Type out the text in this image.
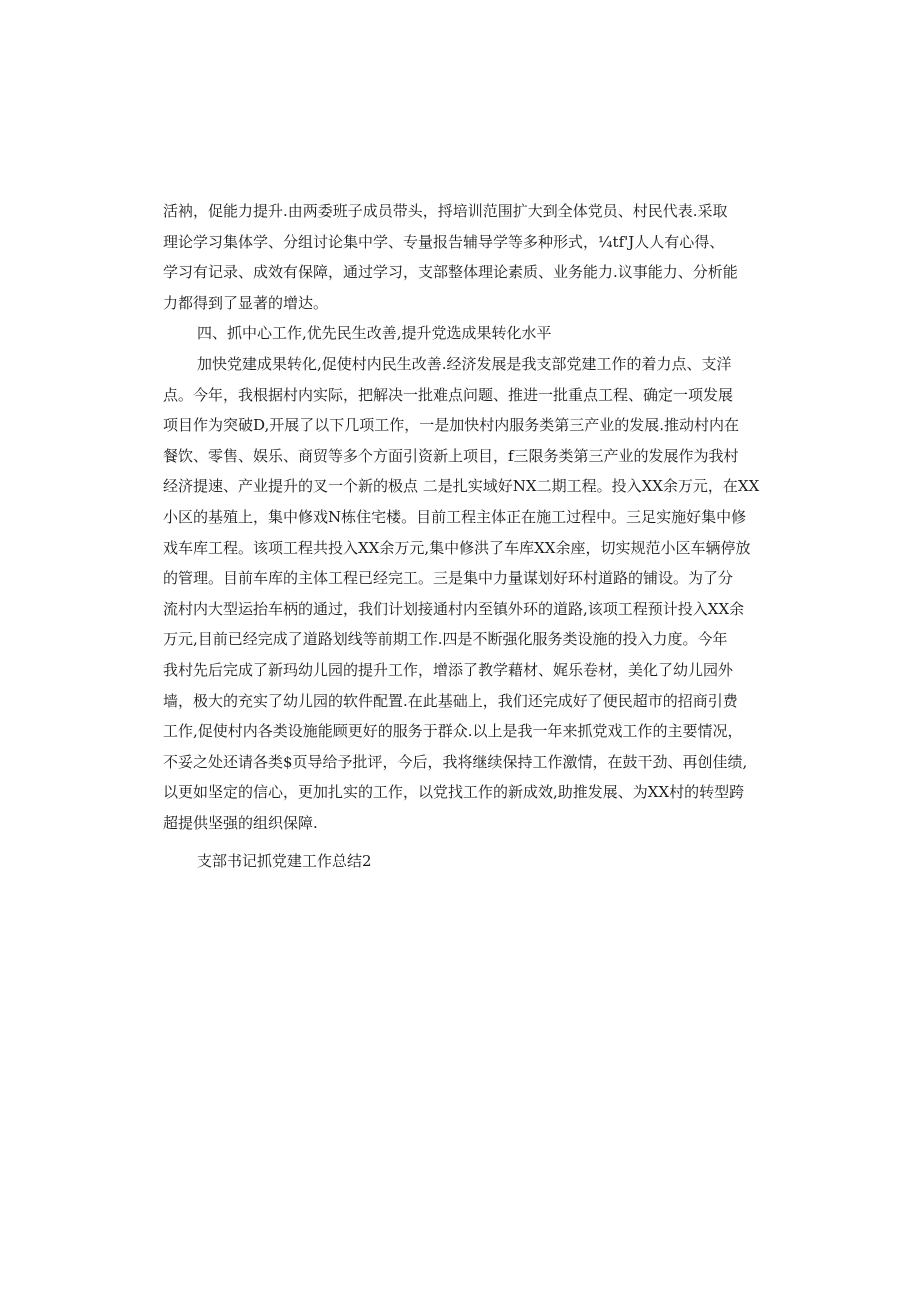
活衲，促能力提升.由两委班子成员带头，捋培训范围扩大到全体党员、村民代表.采取
理论学习集体学、分组讨论集中学、专量报告辅导学等多种形式，¼tf'J人人有心得、
学习有记录、成效有保障，通过学习，支部整体理论素质、业务能力.议事能力、分析能
力都得到了显著的增达。
四、抓中心工作,优先民生改善,提升党选成果转化水平
加快党建成果转化,促使村内民生改善.经济发展是我支部党建工作的着力点、支洋
点。今年，我根据村内实际，把解决一批难点问题、推进一批重点工程、确定一项发展
项目作为突破D,开展了以下几项工作，一是加快村内服务类第三产业的发展.推动村内在
餐饮、零售、娱乐、商贸等多个方面引资新上项目，f三限务类第三产业的发展作为我村
经济提速、产业提升的叉一个新的极点 二是扎实域好NX二期工程。投入XX余万元，在XX
小区的基殖上，集中修戏N栋住宅楼。目前工程主体正在施工过程中。三足实施好集中修
戏车库工程。该项工程共投入XX余万元,集中修洪了车库XX余座，切实规范小区车辆停放
的管理。目前车库的主体工程已经完工。三是集中力量谋划好环村道路的铺设。为了分
流村内大型运抬车柄的通过，我们计划接通村内至镇外环的道路,该项工程预计投入XX余
万元,目前已经完成了道路划线等前期工作.四是不断强化服务类设施的投入力度。今年
我村先后完成了新玛幼儿园的提升工作，增添了教学藉材、娓乐卷材，美化了幼儿园外
墙，极大的充实了幼儿园的软件配置.在此基础上，我们还完成好了便民超市的招商引费
工作,促使村内各类设施能顾更好的服务于群众.以上是我一年来抓党戏工作的主要情况，
不妥之处还请各类$页导给予批评，今后，我将继续保持工作激情，在鼓干劲、再创佳绩,
以更如坚定的信心，更加扎实的工作，以党找工作的新成效,助推发展、为XX村的转型跨
超提供坚强的组织保障.
支部书记抓党建工作总结2
